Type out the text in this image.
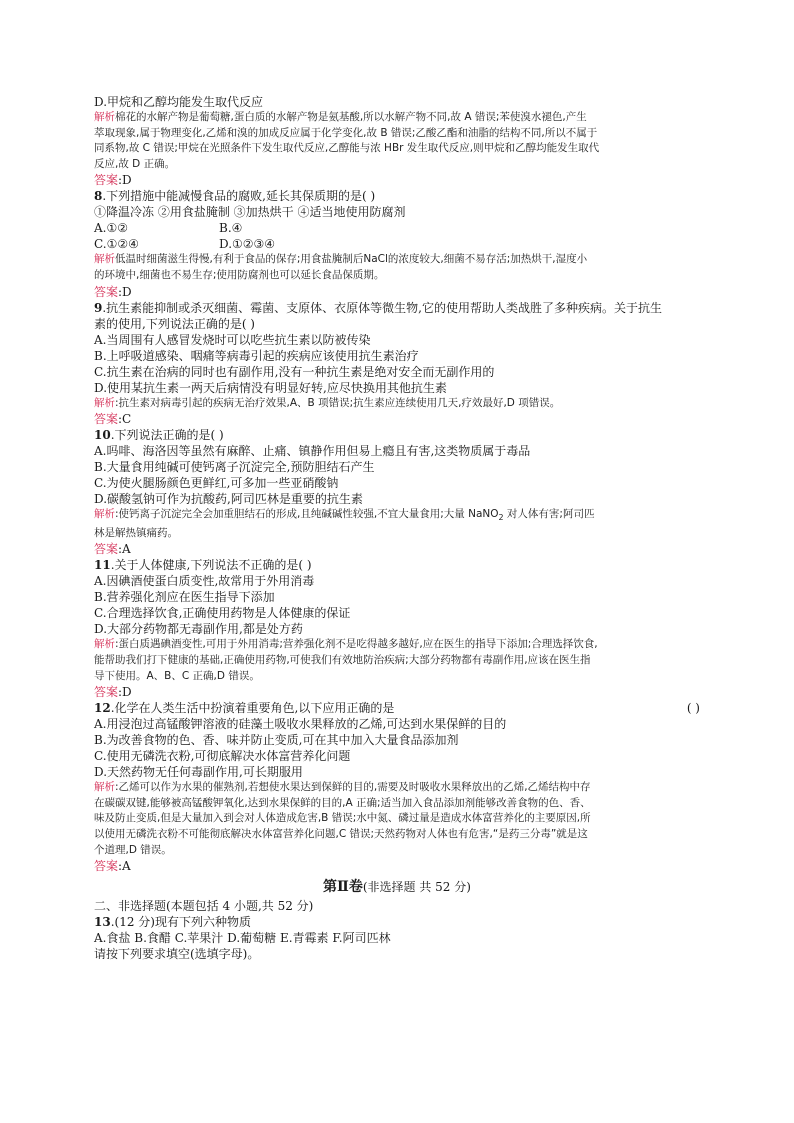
D.甲烷和乙醇均能发生取代反应
解析棉花的水解产物是葡萄糖,蛋白质的水解产物是氨基酸,所以水解产物不同,故 A 错误;苯使溴水褪色,产生
萃取现象,属于物理变化,乙烯和溴的加成反应属于化学变化,故 B 错误;乙酸乙酯和油脂的结构不同,所以不属于
同系物,故 C 错误;甲烷在光照条件下发生取代反应,乙醇能与浓 HBr 发生取代反应,则甲烷和乙醇均能发生取代
反应,故 D 正确。
答案:D
8.下列措施中能减慢食品的腐败,延长其保质期的是( )
①降温冷冻 ②用食盐腌制 ③加热烘干 ④适当地使用防腐剂
A.①②	B.④
C.①②④	D.①②③④
解析低温时细菌滋生得慢,有利于食品的保存;用食盐腌制后NaCl的浓度较大,细菌不易存活;加热烘干,湿度小
的环境中,细菌也不易生存;使用防腐剂也可以延长食品保质期。
答案:D
9.抗生素能抑制或杀灭细菌、霉菌、支原体、衣原体等微生物,它的使用帮助人类战胜了多种疾病。关于抗生
素的使用,下列说法正确的是( )
A.当周围有人感冒发烧时可以吃些抗生素以防被传染
B.上呼吸道感染、咽痛等病毒引起的疾病应该使用抗生素治疗
C.抗生素在治病的同时也有副作用,没有一种抗生素是绝对安全而无副作用的
D.使用某抗生素一两天后病情没有明显好转,应尽快换用其他抗生素
解析:抗生素对病毒引起的疾病无治疗效果,A、B 项错误;抗生素应连续使用几天,疗效最好,D 项错误。
答案:C
10.下列说法正确的是( )
A.吗啡、海洛因等虽然有麻醉、止痛、镇静作用但易上瘾且有害,这类物质属于毒品
B.大量食用纯碱可使钙离子沉淀完全,预防胆结石产生
C.为使火腿肠颜色更鲜红,可多加一些亚硝酸钠
D.碳酸氢钠可作为抗酸药,阿司匹林是重要的抗生素
解析:使钙离子沉淀完全会加重胆结石的形成,且纯碱碱性较强,不宜大量食用;大量 NaNO$_2$ 对人体有害;阿司匹
林是解热镇痛药。
答案:A
11.关于人体健康,下列说法不正确的是( )
A.因碘酒使蛋白质变性,故常用于外用消毒
B.营养强化剂应在医生指导下添加
C.合理选择饮食,正确使用药物是人体健康的保证
D.大部分药物都无毒副作用,都是处方药
解析:蛋白质遇碘酒变性,可用于外用消毒;营养强化剂不是吃得越多越好,应在医生的指导下添加;合理选择饮食,
能帮助我们打下健康的基础,正确使用药物,可使我们有效地防治疾病;大部分药物都有毒副作用,应该在医生指
导下使用。A、B、C 正确,D 错误。
答案:D
12.化学在人类生活中扮演着重要角色,以下应用正确的是	( )
A.用浸泡过高锰酸钾溶液的硅藻土吸收水果释放的乙烯,可达到水果保鲜的目的
B.为改善食物的色、香、味并防止变质,可在其中加入大量食品添加剂
C.使用无磷洗衣粉,可彻底解决水体富营养化问题
D.天然药物无任何毒副作用,可长期服用
解析:乙烯可以作为水果的催熟剂,若想使水果达到保鲜的目的,需要及时吸收水果释放出的乙烯,乙烯结构中存
在碳碳双键,能够被高锰酸钾氧化,达到水果保鲜的目的,A 正确;适当加入食品添加剂能够改善食物的色、香、
味及防止变质,但是大量加入到会对人体造成危害,B 错误;水中氮、磷过量是造成水体富营养化的主要原因,所
以使用无磷洗衣粉不可能彻底解决水体富营养化问题,C 错误;天然药物对人体也有危害,“是药三分毒”就是这
个道理,D 错误。
答案:A
第Ⅱ卷(非选择题 共 52 分)
二、非选择题(本题包括 4 小题,共 52 分)
13.(12 分)现有下列六种物质
A.食盐 B.食醋 C.苹果汁 D.葡萄糖 E.青霉素 F.阿司匹林
请按下列要求填空(选填字母)。
